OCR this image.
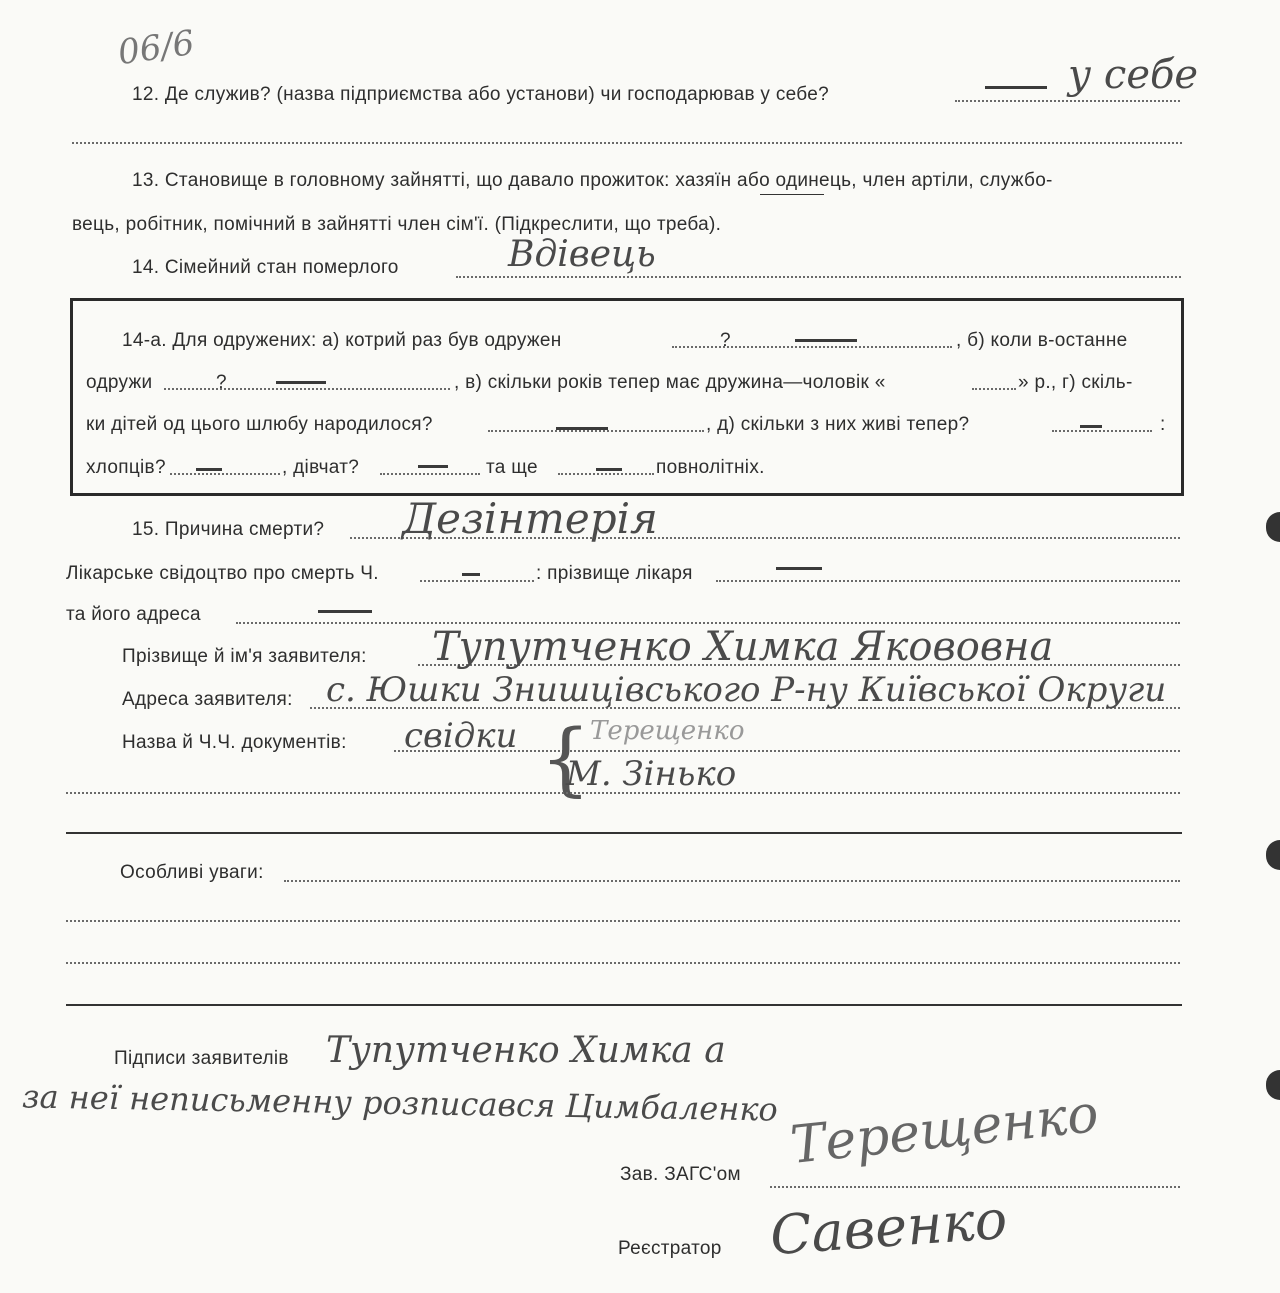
06/6
12. Де служив? (назва підприємства або установи) чи господарював у себе?	у себе
13. Становище в головному зайнятті, що давало прожиток: хазяїн або одинець, член артіли, службо-
вець, робітник, помічний в зайнятті член сім'ї. (Підкреслити, що треба).
14. Сімейний стан померлого	Вдівець
14-а. Для одружених: а) котрий раз був одружен	?	, б) коли в-останне
одружи	?	, в) скільки років тепер має дружина—чоловік «	» р., г) скіль-
ки дітей од цього шлюбу народилося?	, д) скільки з них живі тепер?	:
хлопців?	, дівчат?	та ще	повнолітніх.
15. Причина смерти? Дезінтерія
Лікарське свідоцтво про смерть Ч.	: прізвище лікаря
та його адреса
Прізвище й ім'я заявителя: Тупутченко Химка Якововна
Адреса заявителя: с. Юшки Знишцівського Р-ну Київської Округи
Назва й Ч.Ч. документів: свідки { Терещенко
М. Зінько
Особливі уваги:
Підписи заявителів Тупутченко Химка а
за неї неписьменну розписався Цимбаленко
Зав. ЗАГС'ом Терещенко
Реєстратор Савенко
